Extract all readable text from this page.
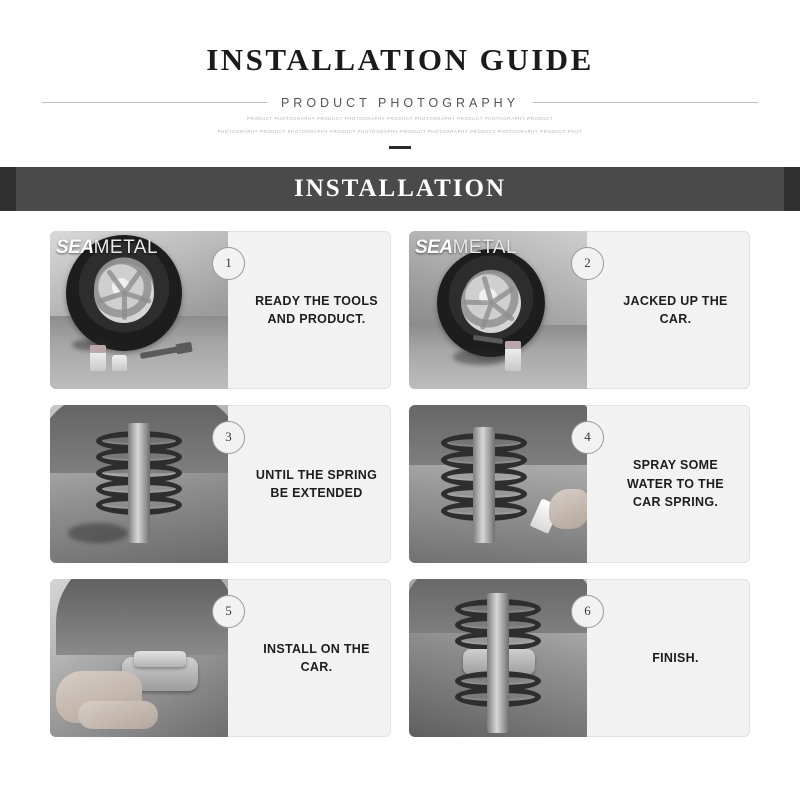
INSTALLATION GUIDE
PRODUCT PHOTOGRAPHY
PRODUCT PHOTOGRAPHY PRODUCT PHOTOGRAPHY PRODUCT PHOTOGRAPHY PRODUCT PHOTOGRAPHY PRODUCT
PHOTOGRAPHY PRODUCT PHOTOGRAPHY PRODUCT PHOTOGRAPHY PRODUCT PHOTOGRAPHY PRODUCT PHOTOGRAPHY PRODUCT PHOT
INSTALLATION
SEAMETAL
1
READY THE TOOLS AND PRODUCT.
SEAMETAL
2
JACKED UP THE CAR.
3
UNTIL THE SPRING BE EXTENDED
4
SPRAY SOME WATER TO THE CAR SPRING.
5
INSTALL ON THE CAR.
6
FINISH.
